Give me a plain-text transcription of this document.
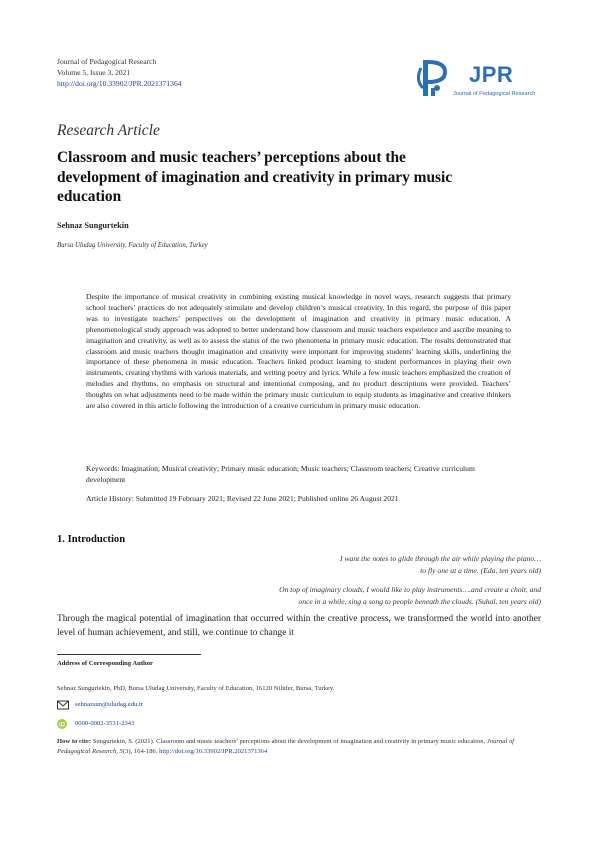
Journal of Pedagogical Research
Volume 5, Issue 3, 2021
http://doi.org/10.33902/JPR.2021371364	JPR
Journal of Pedagogical Research
Research Article
Classroom and music teachers’ perceptions about the development of imagination and creativity in primary music education
Sehnaz Sungurtekin
Bursa Uludag University, Faculty of Education, Turkey
Despite the importance of musical creativity in combining existing musical knowledge in novel ways, research suggests that primary school teachers’ practices do not adequately stimulate and develop children’s musical creativity. In this regard, the purpose of this paper was to investigate teachers’ perspectives on the development of imagination and creativity in primary music education. A phenomenological study approach was adopted to better understand how classroom and music teachers experience and ascribe meaning to imagination and creativity, as well as to assess the status of the two phenomena in primary music education. The results demonstrated that classroom and music teachers thought imagination and creativity were important for improving students’ learning skills, underlining the importance of these phenomena in music education. Teachers linked product learning to student performances in playing their own instruments, creating rhythms with various materials, and writing poetry and lyrics. While a few music teachers emphasized the creation of melodies and rhythms, no emphasis on structural and intentional composing, and no product descriptions were provided. Teachers’ thoughts on what adjustments need to be made within the primary music curriculum to equip students as imaginative and creative thinkers are also covered in this article following the introduction of a creative curriculum in primary music education.
Keywords: Imagination; Musical creativity; Primary music education; Music teachers; Classroom teachers; Creative curriculum development
Article History: Submitted 19 February 2021; Revised 22 June 2021; Published online 26 August 2021
1. Introduction
I want the notes to glide through the air while playing the piano…
to fly one at a time. (Eda, ten years old)
On top of imaginary clouds, I would like to play instruments….and create a choir, and
once in a while, sing a song to people beneath the clouds. (Suhal, ten years old)
Through the magical potential of imagination that occurred within the creative process, we transformed the world into another level of human achievement, and still, we continue to change it
Address of Corresponding Author
Sehnaz Sungurtekin, PhD, Bursa Uludag University, Faculty of Education, 16120 Nilüfer, Bursa, Turkey.
sehnazsun@uludag.edu.tr
iD 0000-0002-3531-2343
How to cite: Sungurtekin, S. (2021). Classroom and music teachers’ perceptions about the development of imagination and creativity in primary music education. Journal of Pedagogical Research, 5(3), 164-186. http://doi.org/10.33902/JPR.2021371364
